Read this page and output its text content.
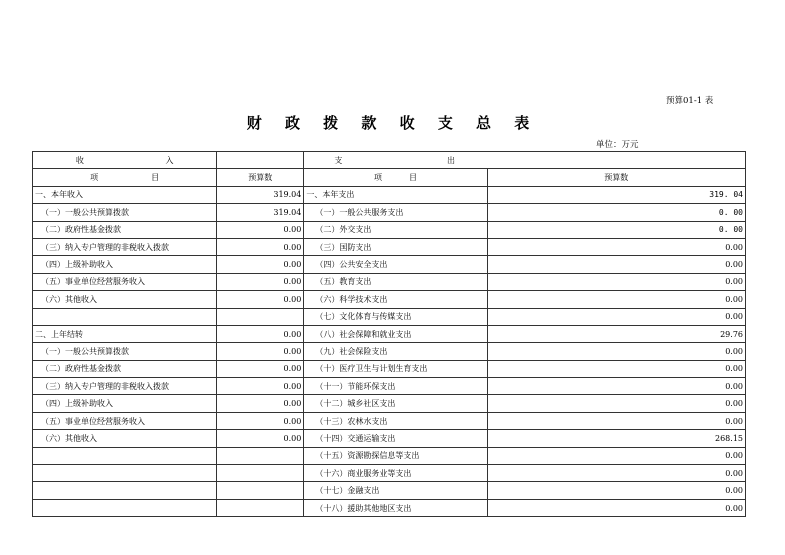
预算01-1 表
财 政 拨 款 收 支 总 表
单位：万元
收 入		支 出	

项 目	预算数	项 目	预算数
一、本年收入	319.04	一、本年支出	319. 04
（一）一般公共预算拨款	319.04	（一）一般公共服务支出	0. 00
（二）政府性基金拨款	0.00	（二）外交支出	0. 00
（三）纳入专户管理的非税收入拨款	0.00	（三）国防支出	0.00
（四）上级补助收入	0.00	（四）公共安全支出	0.00
（五）事业单位经营服务收入	0.00	（五）教育支出	0.00
（六）其他收入	0.00	（六）科学技术支出	0.00
		（七）文化体育与传媒支出	0.00
二、上年结转	0.00	（八）社会保障和就业支出	29.76
（一）一般公共预算拨款	0.00	（九）社会保险支出	0.00
（二）政府性基金拨款	0.00	（十）医疗卫生与计划生育支出	0.00
（三）纳入专户管理的非税收入拨款	0.00	（十一）节能环保支出	0.00
（四）上级补助收入	0.00	（十二）城乡社区支出	0.00
（五）事业单位经营服务收入	0.00	（十三）农林水支出	0.00
（六）其他收入	0.00	（十四）交通运输支出	268.15
		（十五）资源勘探信息等支出	0.00
		（十六）商业服务业等支出	0.00
		（十七）金融支出	0.00
		（十八）援助其他地区支出	0.00
